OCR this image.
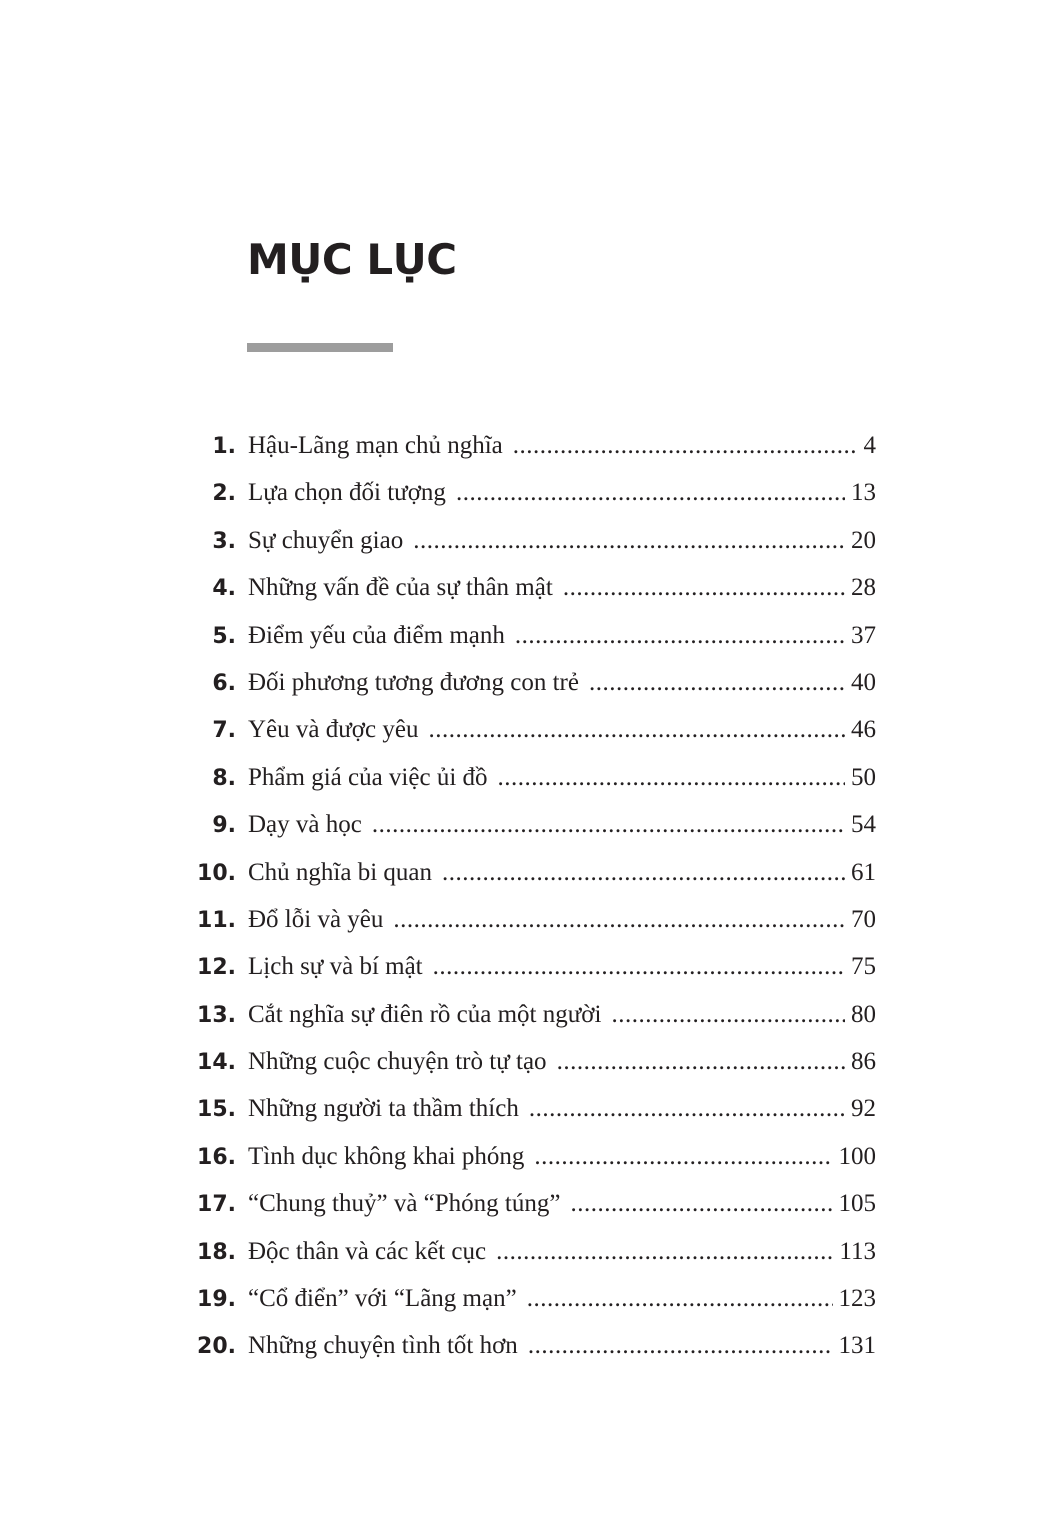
MỤC LỤC
1. Hậu-Lãng mạn chủ nghĩa .....	4
2. Lựa chọn đối tượng .....	13
3. Sự chuyển giao .....	20
4. Những vấn đề của sự thân mật .....	28
5. Điểm yếu của điểm mạnh .....	37
6. Đối phương tương đương con trẻ .....	40
7. Yêu và được yêu .....	46
8. Phẩm giá của việc ủi đồ .....	50
9. Dạy và học .....	54
10. Chủ nghĩa bi quan .....	61
11. Đổ lỗi và yêu .....	70
12. Lịch sự và bí mật .....	75
13. Cắt nghĩa sự điên rồ của một người .....	80
14. Những cuộc chuyện trò tự tạo .....	86
15. Những người ta thầm thích .....	92
16. Tình dục không khai phóng .....	100
17. “Chung thuỷ” và “Phóng túng” .....	105
18. Độc thân và các kết cục .....	113
19. “Cổ điển” với “Lãng mạn” .....	123
20. Những chuyện tình tốt hơn .....	131
